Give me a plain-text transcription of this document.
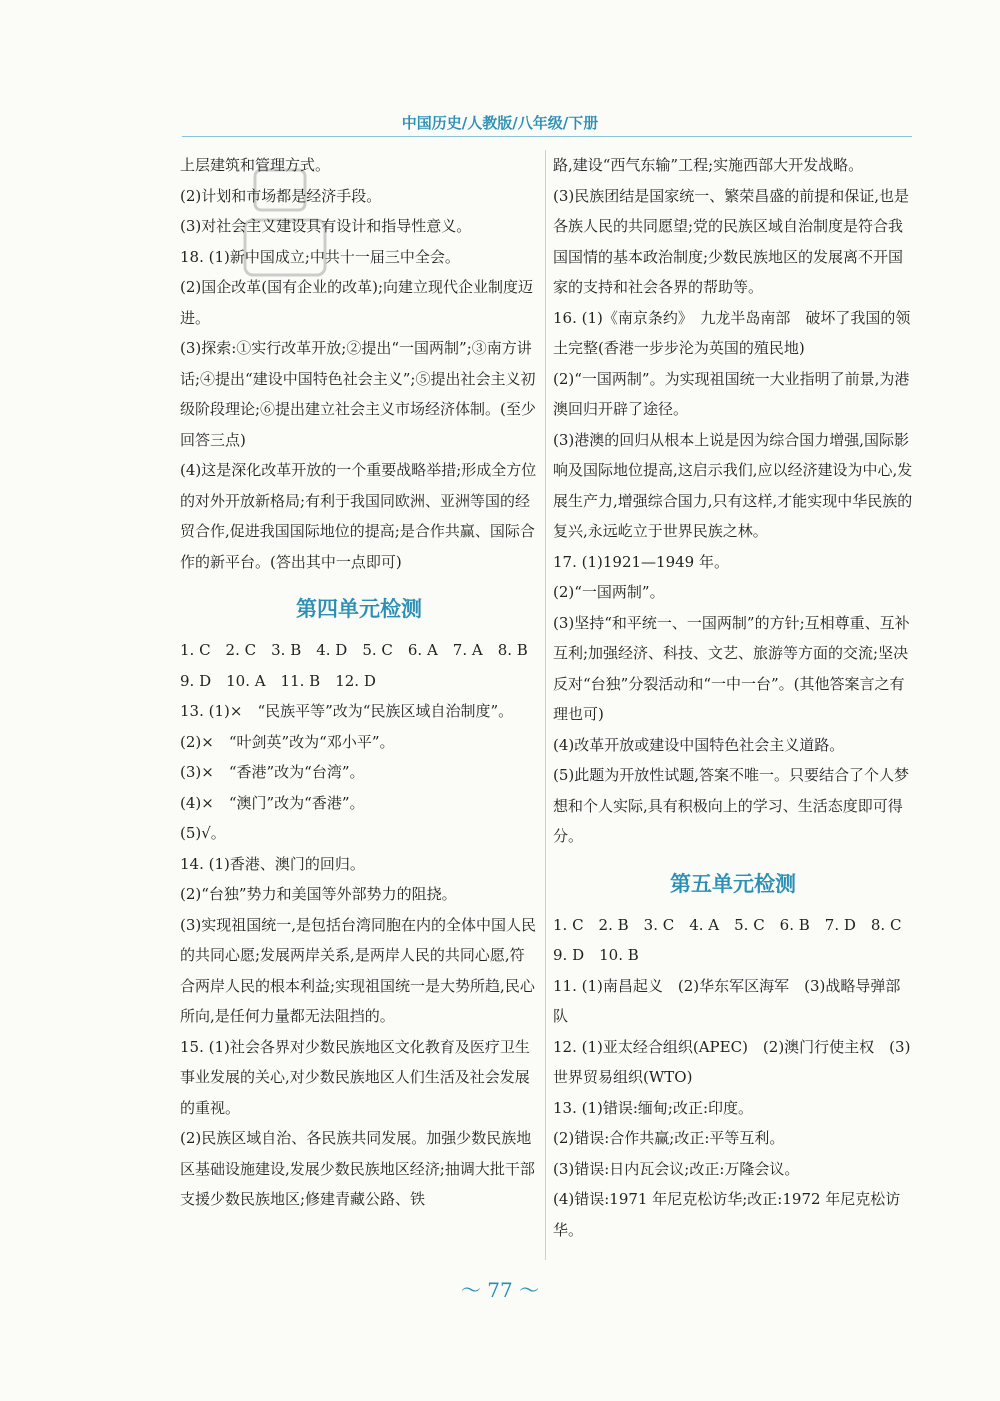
中国历史/人教版/八年级/下册

上层建筑和管理方式。

(2)计划和市场都是经济手段。

(3)对社会主义建设具有设计和指导性意义。

18. (1)新中国成立;中共十一届三中全会。

(2)国企改革(国有企业的改革);向建立现代企业制度迈进。

(3)探索:①实行改革开放;②提出“一国两制”;③南方讲话;④提出“建设中国特色社会主义”;⑤提出社会主义初级阶段理论;⑥提出建立社会主义市场经济体制。(至少回答三点)

(4)这是深化改革开放的一个重要战略举措;形成全方位的对外开放新格局;有利于我国同欧洲、亚洲等国的经贸合作,促进我国国际地位的提高;是合作共赢、国际合作的新平台。(答出其中一点即可)

第四单元检测

1. C　2. C　3. B　4. D　5. C　6. A　7. A　8. B

9. D　10. A　11. B　12. D

13. (1)×　“民族平等”改为“民族区域自治制度”。

(2)×　“叶剑英”改为“邓小平”。

(3)×　“香港”改为“台湾”。

(4)×　“澳门”改为“香港”。

(5)√。

14. (1)香港、澳门的回归。

(2)“台独”势力和美国等外部势力的阻挠。

(3)实现祖国统一,是包括台湾同胞在内的全体中国人民的共同心愿;发展两岸关系,是两岸人民的共同心愿,符合两岸人民的根本利益;实现祖国统一是大势所趋,民心所向,是任何力量都无法阻挡的。

15. (1)社会各界对少数民族地区文化教育及医疗卫生事业发展的关心,对少数民族地区人们生活及社会发展的重视。

(2)民族区域自治、各民族共同发展。加强少数民族地区基础设施建设,发展少数民族地区经济;抽调大批干部支援少数民族地区;修建青藏公路、铁

路,建设“西气东输”工程;实施西部大开发战略。

(3)民族团结是国家统一、繁荣昌盛的前提和保证,也是各族人民的共同愿望;党的民族区域自治制度是符合我国国情的基本政治制度;少数民族地区的发展离不开国家的支持和社会各界的帮助等。

16. (1)《南京条约》　九龙半岛南部　破坏了我国的领土完整(香港一步步沦为英国的殖民地)

(2)“一国两制”。为实现祖国统一大业指明了前景,为港澳回归开辟了途径。

(3)港澳的回归从根本上说是因为综合国力增强,国际影响及国际地位提高,这启示我们,应以经济建设为中心,发展生产力,增强综合国力,只有这样,才能实现中华民族的复兴,永远屹立于世界民族之林。

17. (1)1921—1949 年。

(2)“一国两制”。

(3)坚持“和平统一、一国两制”的方针;互相尊重、互补互利;加强经济、科技、文艺、旅游等方面的交流;坚决反对“台独”分裂活动和“一中一台”。(其他答案言之有理也可)

(4)改革开放或建设中国特色社会主义道路。

(5)此题为开放性试题,答案不唯一。只要结合了个人梦想和个人实际,具有积极向上的学习、生活态度即可得分。

第五单元检测

1. C　2. B　3. C　4. A　5. C　6. B　7. D　8. C

9. D　10. B

11. (1)南昌起义　(2)华东军区海军　(3)战略导弹部队

12. (1)亚太经合组织(APEC)　(2)澳门行使主权　(3)世界贸易组织(WTO)

13. (1)错误:缅甸;改正:印度。

(2)错误:合作共赢;改正:平等互利。

(3)错误:日内瓦会议;改正:万隆会议。

(4)错误:1971 年尼克松访华;改正:1972 年尼克松访华。

～ 77 ～
